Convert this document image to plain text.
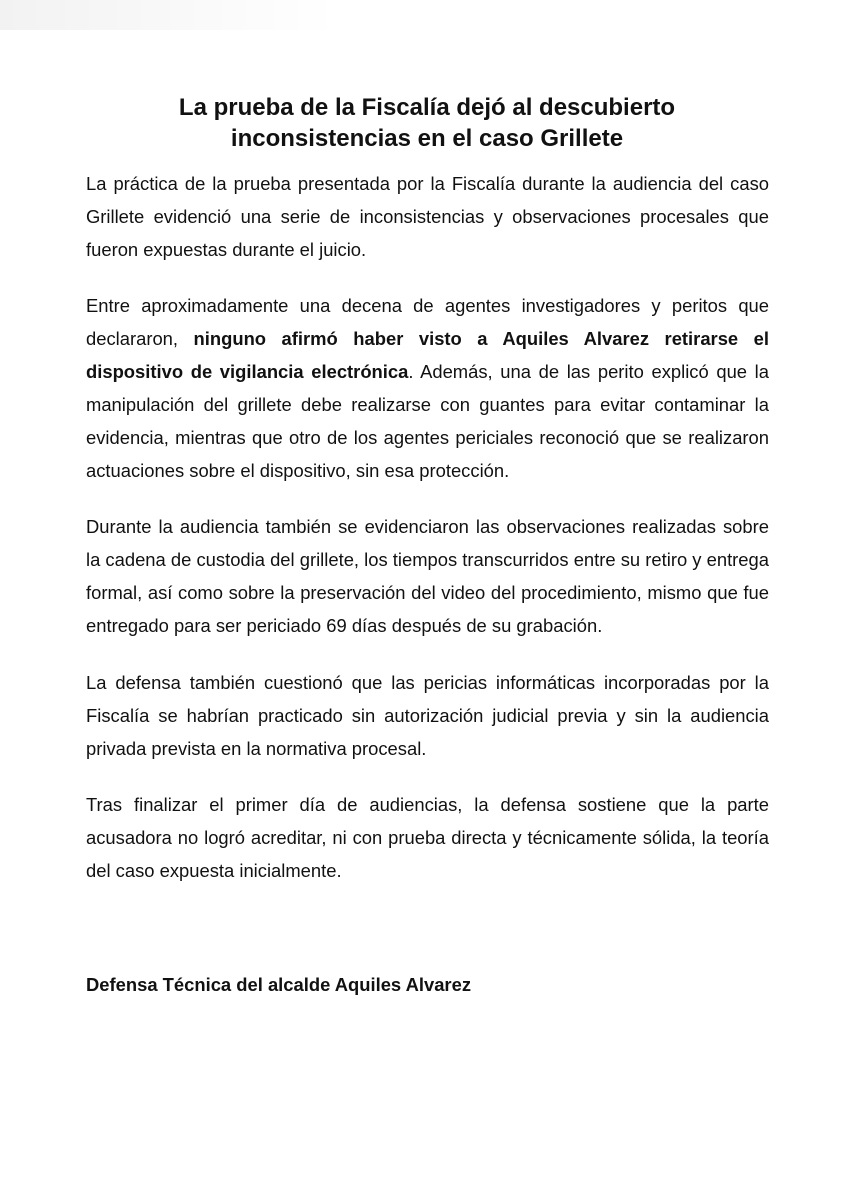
La prueba de la Fiscalía dejó al descubierto
inconsistencias en el caso Grillete

La práctica de la prueba presentada por la Fiscalía durante la audiencia del caso Grillete evidenció una serie de inconsistencias y observaciones procesales que fueron expuestas durante el juicio.

Entre aproximadamente una decena de agentes investigadores y peritos que declararon, ninguno afirmó haber visto a Aquiles Alvarez retirarse el dispositivo de vigilancia electrónica. Además, una de las perito explicó que la manipulación del grillete debe realizarse con guantes para evitar contaminar la evidencia, mientras que otro de los agentes periciales reconoció que se realizaron actuaciones sobre el dispositivo, sin esa protección.

Durante la audiencia también se evidenciaron las observaciones realizadas sobre la cadena de custodia del grillete, los tiempos transcurridos entre su retiro y entrega formal, así como sobre la preservación del video del procedimiento, mismo que fue entregado para ser periciado 69 días después de su grabación.

La defensa también cuestionó que las pericias informáticas incorporadas por la Fiscalía se habrían practicado sin autorización judicial previa y sin la audiencia privada prevista en la normativa procesal.

Tras finalizar el primer día de audiencias, la defensa sostiene que la parte acusadora no logró acreditar, ni con prueba directa y técnicamente sólida, la teoría del caso expuesta inicialmente.

Defensa Técnica del alcalde Aquiles Alvarez
